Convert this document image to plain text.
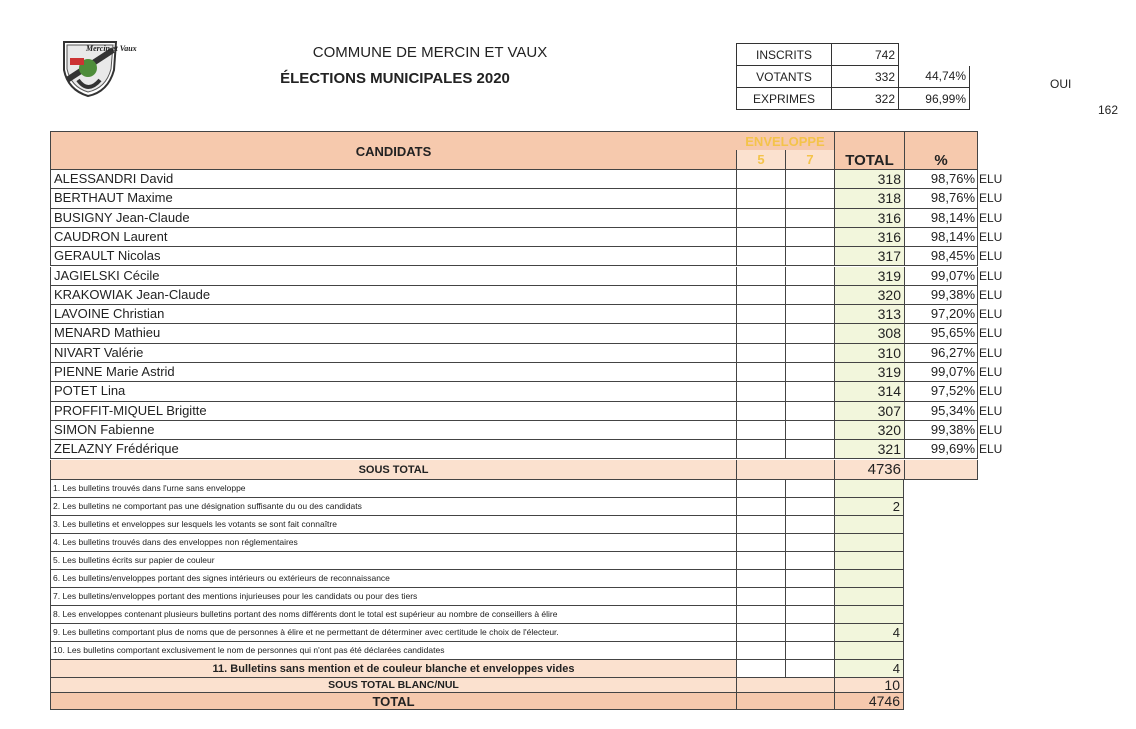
Mercin et Vaux	COMMUNE DE MERCIN ET VAUX
ÉLECTIONS MUNICIPALES 2020
INSCRITS	742	
VOTANTS	332	44,74%
EXPRIMES	322	96,99%
OUI
162
CANDIDATS
ENVELOPPE
5	7	TOTAL	%
ALESSANDRI David	318	98,76% ELU
BERTHAUT Maxime	318	98,76% ELU
BUSIGNY Jean-Claude	316	98,14% ELU
CAUDRON Laurent	316	98,14% ELU
GERAULT Nicolas	317	98,45% ELU
JAGIELSKI Cécile	319	99,07% ELU
KRAKOWIAK Jean-Claude	320	99,38% ELU
LAVOINE Christian	313	97,20% ELU
MENARD Mathieu	308	95,65% ELU
NIVART Valérie	310	96,27% ELU
PIENNE Marie Astrid	319	99,07% ELU
POTET Lina	314	97,52% ELU
PROFFIT-MIQUEL Brigitte	307	95,34% ELU
SIMON Fabienne	320	99,38% ELU
ZELAZNY Frédérique	321	99,69% ELU
SOUS TOTAL	4736
1. Les bulletins trouvés dans l'urne sans enveloppe
2. Les bulletins ne comportant pas une désignation suffisante du ou des candidats	2
3. Les bulletins et enveloppes sur lesquels les votants se sont fait connaître
4. Les bulletins trouvés dans des enveloppes non réglementaires
5. Les bulletins écrits sur papier de couleur
6. Les bulletins/enveloppes portant des signes intérieurs ou extérieurs de reconnaissance
7. Les bulletins/enveloppes portant des mentions injurieuses pour les candidats ou pour des tiers
8. Les enveloppes contenant plusieurs bulletins portant des noms différents dont le total est supérieur au nombre de conseillers à élire
9. Les bulletins comportant plus de noms que de personnes à élire et ne permettant de déterminer avec certitude le choix de l'électeur.	4
10. Les bulletins comportant exclusivement le nom de personnes qui n'ont pas été déclarées candidates
11. Bulletins sans mention et de couleur blanche et enveloppes vides	4
SOUS TOTAL BLANC/NUL	10
TOTAL	4746
